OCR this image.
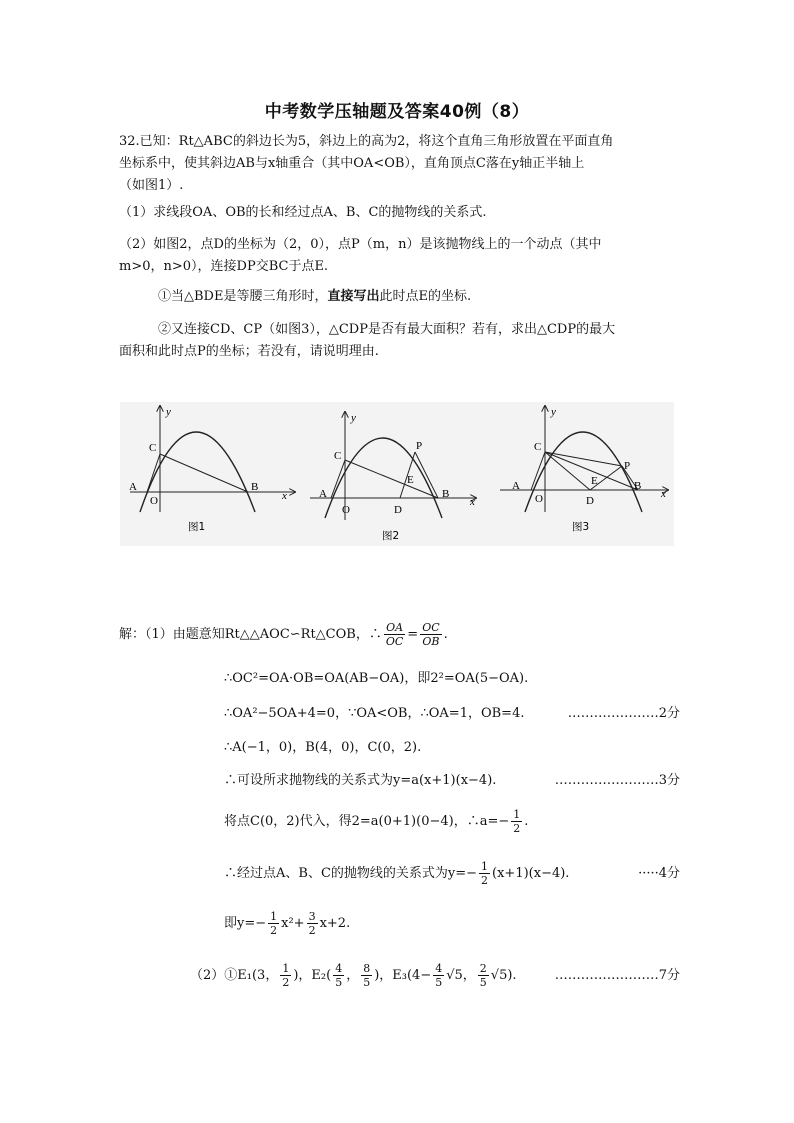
中考数学压轴题及答案40例（8）
32.已知：Rt△ABC的斜边长为5，斜边上的高为2，将这个直角三角形放置在平面直角
坐标系中，使其斜边AB与x轴重合（其中OA<OB），直角顶点C落在y轴正半轴上
（如图1）.
（1）求线段OA、OB的长和经过点A、B、C的抛物线的关系式.
（2）如图2，点D的坐标为（2，0），点P（m，n）是该抛物线上的一个动点（其中
m>0，n>0），连接DP交BC于点E.
①当△BDE是等腰三角形时，直接写出此时点E的坐标.
②又连接CD、CP（如图3），△CDP是否有最大面积？若有，求出△CDP的最大
面积和此时点P的坐标；若没有，请说明理由.
y
x
C
A
O
B
图1
y
x
C
A
O
B
P
E
D
图2
y
x
C
A
O
B
P
E
D
图3
解：（1）由题意知Rt△△AOC∽Rt△COB，∴ $\frac{OA}{OC} = \frac{OC}{OB}$ .
∴OC²=OA·OB=OA(AB−OA)，即2²=OA(5−OA).
∴OA²−5OA+4=0，∵OA<OB，∴OA=1，OB=4.	…………………2分
∴A(−1，0)，B(4，0)，C(0，2).
∴可设所求抛物线的关系式为y=a(x+1)(x−4).	……………………3分
将点C(0，2)代入，得2=a(0+1)(0−4)，∴a=− $\frac{1}{2}$ .
∴经过点A、B、C的抛物线的关系式为$y=- \frac{1}{2} (x+1)(x-4)$.	·····4分
即$y=- \frac{1}{2} x^2+ \frac{3}{2} x+2$.
（2）①E₁(3， $\frac{1}{2}$ )，$E_2( \frac{4}{5}$ ， $\frac{8}{5}$ )，$E_3(4- \frac{4}{5} √5$， $\frac{2}{5} √5$).	……………………7分
